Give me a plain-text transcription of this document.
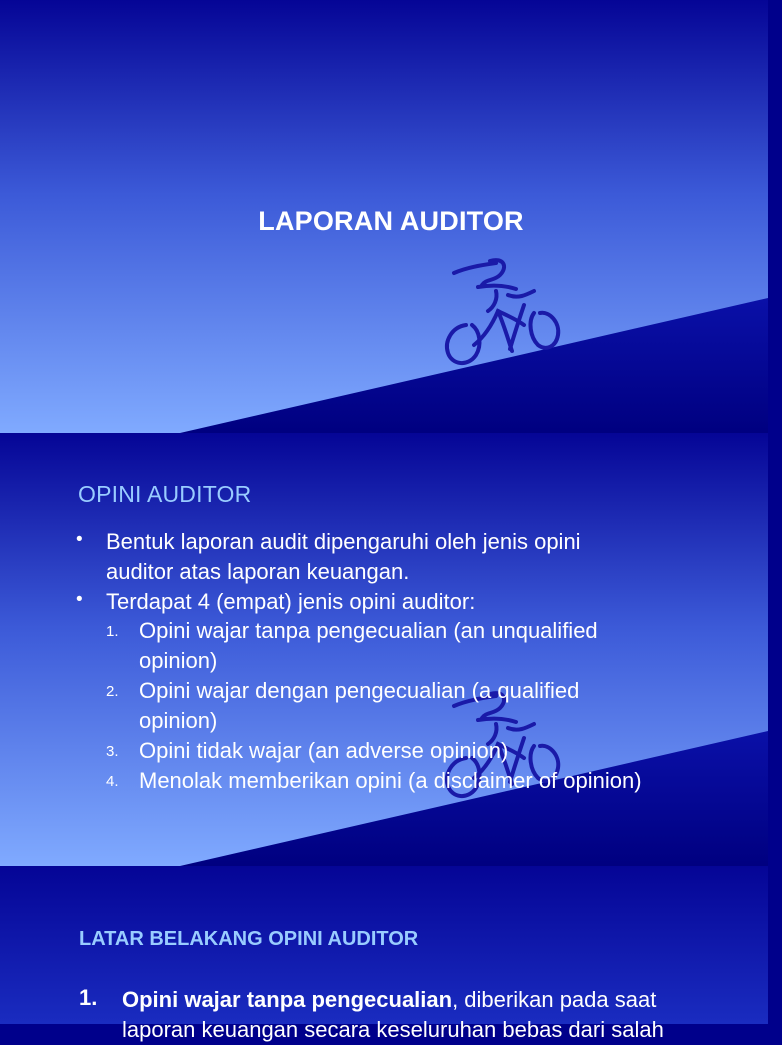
LAPORAN AUDITOR
OPINI AUDITOR
• Bentuk laporan audit dipengaruhi oleh jenis opini
auditor atas laporan keuangan.
• Terdapat 4 (empat) jenis opini auditor:
1. Opini wajar tanpa pengecualian (an unqualified
opinion)
2. Opini wajar dengan pengecualian (a qualified
opinion)
3. Opini tidak wajar (an adverse opinion)
4. Menolak memberikan opini (a disclaimer of opinion)
LATAR BELAKANG OPINI AUDITOR
1. Opini wajar tanpa pengecualian, diberikan pada saat
laporan keuangan secara keseluruhan bebas dari salah
